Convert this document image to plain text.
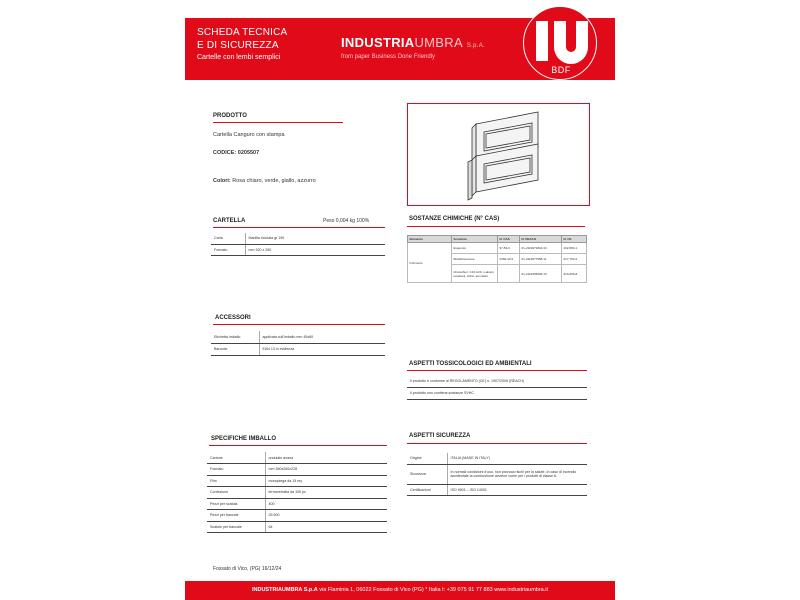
SCHEDA TECNICA
E DI SICUREZZA
Cartelle con lembi semplici
INDUSTRIAUMBRA S.p.A.
from paper Business Done Friendly
BDF
PRODOTTO
Cartella Canguro con stampa
CODICE: 0205507
Colori: Rosa chiaro, verde, giallo, azzurro
CARTELLA	Peso 0,004 kg 100%
Carta	Manilla riciclata gr 190
Formato	mm 320 x 250
SOSTANZE CHIMICHE (N° CAS)
Elemento	Sostanza	N. CAS	N. REACH	N. CE
Inchiostro	Esgenolo	97-53-0	01-2119971802-33	202-589-1
	Butildiclorosone	2369-33-5	01-2119677988-11	217-752-2
	Idrocarburi, C16-C20, n-alcani, isoalcani, ciclici, aromatici		01-2119455996-19	919-006-8
ACCESSORI
Etichetta imballo	applicata sull'imballo mm 45x60
Barcode	EAN 13 in evidenza
ASPETTI TOSSICOLOGICI ED AMBIENTALI
Il prodotto è conforme al REGOLAMENTO (CE) n. 1907/2006 (REACH)
Il prodotto non contiene sostanze SVHC
SPECIFICHE IMBALLO
Cartone	ondulato avana
Formato	mm 360x260x228
Film	monopiega da 15 my
Confezione	termoretratta da 100 pz
Pezzi per scatola	400
Pezzi per bancale	25 600
Scatole per bancale	64
ASPETTI SICUREZZA
Origine	ITALIA (MADE IN ITALY)
Sicurezza	In normali condizioni d'uso, non provoca rischi per la salute. In caso di incendio accidentale la combustione avviene come per i prodotti di classe A.
Certificazioni	ISO 9001 – ISO 14001
Fossato di Vico, (PG) 16/12/24
INDUSTRIAUMBRA S.p.A via Flaminia 1, 06022 Fossato di Vico (PG) * Italia t: +39 075 91 77 883 www.industriaumbra.it
